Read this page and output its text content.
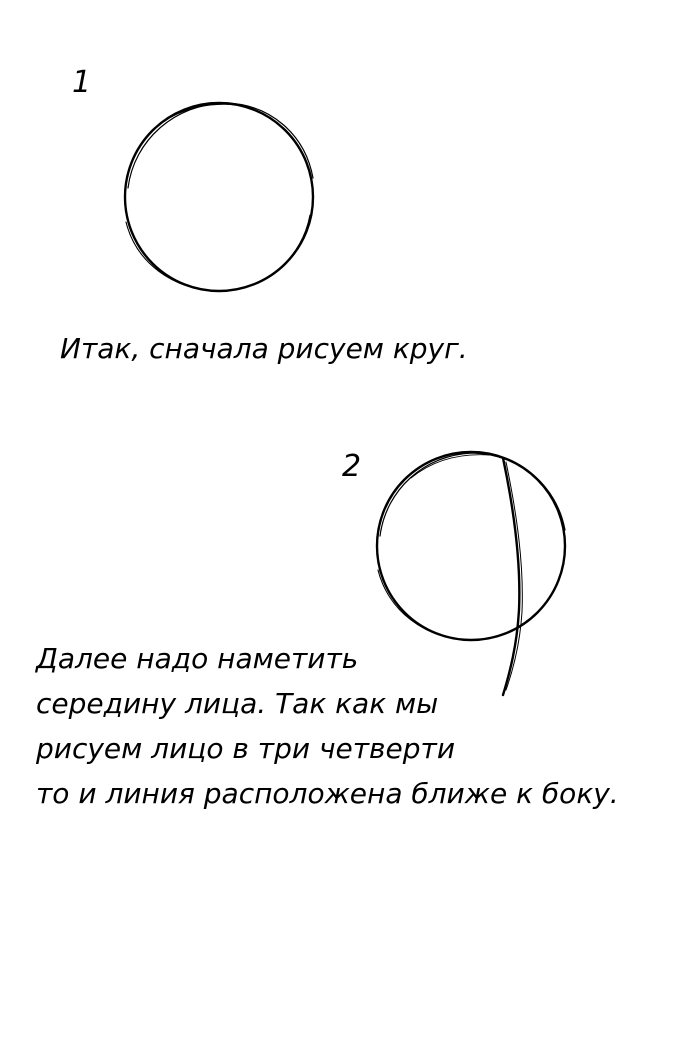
1
Итак, сначала рисуем круг.
2
Далее надо наметить
середину лица. Так как мы
рисуем лицо в три четверти
то и линия расположена ближе к боку.
